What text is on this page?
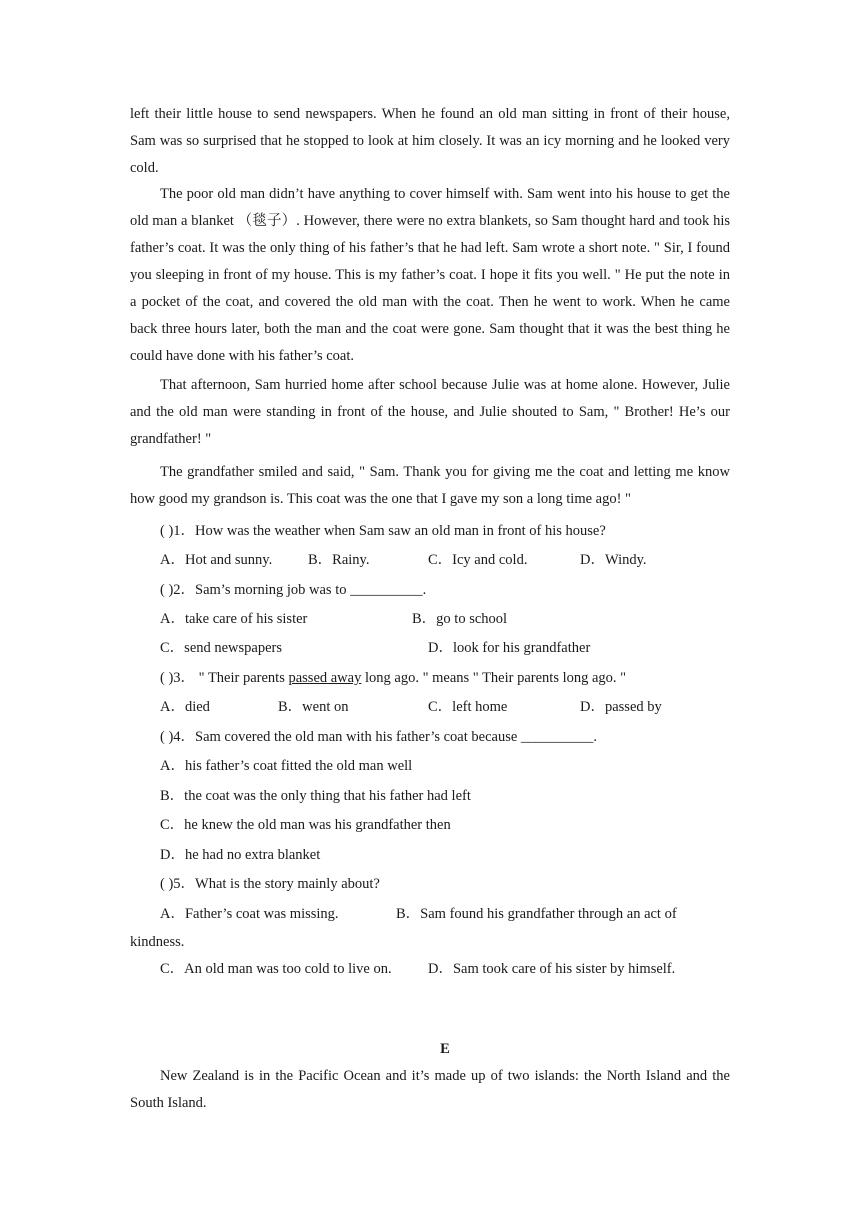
left their little house to send newspapers. When he found an old man sitting in front of their house, Sam was so surprised that he stopped to look at him closely. It was an icy morning and he looked very cold.

The poor old man didn’t have anything to cover himself with. Sam went into his house to get the old man a blanket （毯子）. However, there were no extra blankets, so Sam thought hard and took his father’s coat. It was the only thing of his father’s that he had left. Sam wrote a short note. " Sir, I found you sleeping in front of my house. This is my father’s coat. I hope it fits you well. " He put the note in a pocket of the coat, and covered the old man with the coat. Then he went to work. When he came back three hours later, both the man and the coat were gone. Sam thought that it was the best thing he could have done with his father’s coat.

That afternoon, Sam hurried home after school because Julie was at home alone. However, Julie and the old man were standing in front of the house, and Julie shouted to Sam, " Brother! He’s our grandfather! "

The grandfather smiled and said, " Sam. Thank you for giving me the coat and letting me know how good my grandson is. This coat was the one that I gave my son a long time ago! "

( )1．How was the weather when Sam saw an old man in front of his house?
A．Hot and sunny. B．Rainy.	C．Icy and cold.	D．Windy.
( )2．Sam’s morning job was to __________.
A．take care of his sister	B．go to school
C．send newspapers	D．look for his grandfather
( )3． " Their parents passed away long ago. " means " Their parents long ago. "
A．died	B．went on	C．left home	D．passed by
( )4．Sam covered the old man with his father’s coat because __________.
A．his father’s coat fitted the old man well
B．the coat was the only thing that his father had left
C．he knew the old man was his grandfather then
D．he had no extra blanket
( )5．What is the story mainly about?
A．Father’s coat was missing.	B．Sam found his grandfather through an act of
kindness.
C．An old man was too cold to live on.	D．Sam took care of his sister by himself.
E

New Zealand is in the Pacific Ocean and it’s made up of two islands: the North Island and the South Island.
